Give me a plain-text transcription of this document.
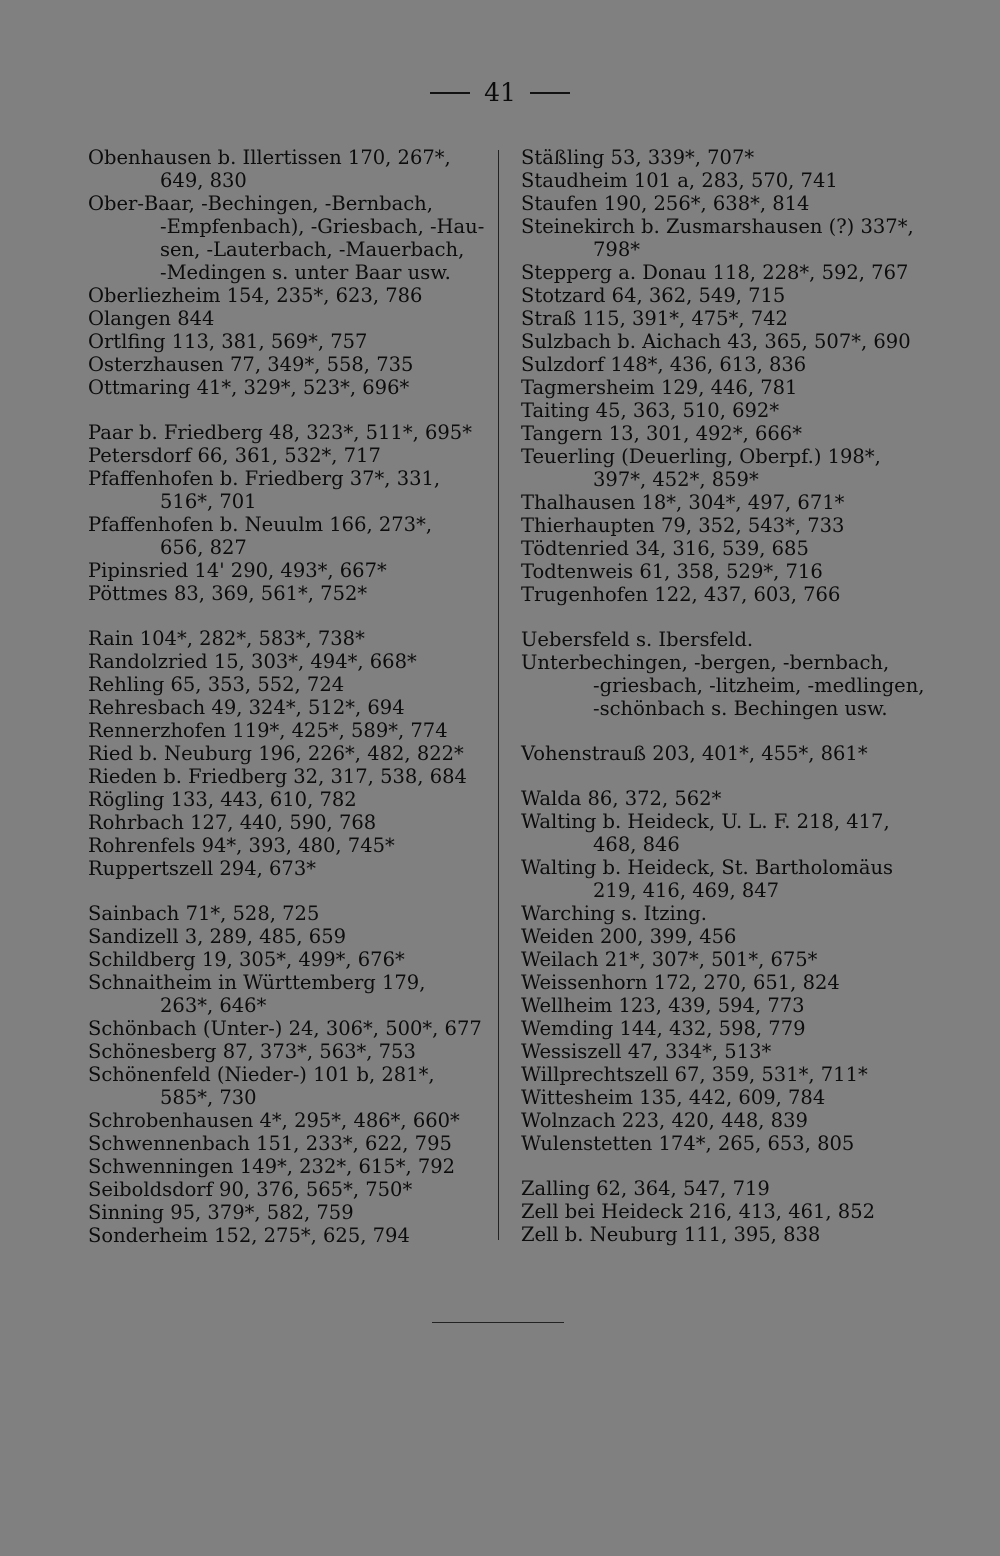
41
Obenhausen b. Illertissen 170, 267*,
649, 830
Ober-Baar, -Bechingen, -Bernbach,
-Empfenbach), -Griesbach, -Hau-
sen, -Lauterbach, -Mauerbach,
-Medingen s. unter Baar usw.
Oberliezheim 154, 235*, 623, 786
Olangen 844
Ortlfing 113, 381, 569*, 757
Osterzhausen 77, 349*, 558, 735
Ottmaring 41*, 329*, 523*, 696*
Paar b. Friedberg 48, 323*, 511*, 695*
Petersdorf 66, 361, 532*, 717
Pfaffenhofen b. Friedberg 37*, 331,
516*, 701
Pfaffenhofen b. Neuulm 166, 273*,
656, 827
Pipinsried 14' 290, 493*, 667*
Pöttmes 83, 369, 561*, 752*
Rain 104*, 282*, 583*, 738*
Randolzried 15, 303*, 494*, 668*
Rehling 65, 353, 552, 724
Rehresbach 49, 324*, 512*, 694
Rennerzhofen 119*, 425*, 589*, 774
Ried b. Neuburg 196, 226*, 482, 822*
Rieden b. Friedberg 32, 317, 538, 684
Rögling 133, 443, 610, 782
Rohrbach 127, 440, 590, 768
Rohrenfels 94*, 393, 480, 745*
Ruppertszell 294, 673*
Sainbach 71*, 528, 725
Sandizell 3, 289, 485, 659
Schildberg 19, 305*, 499*, 676*
Schnaitheim in Württemberg 179,
263*, 646*
Schönbach (Unter-) 24, 306*, 500*, 677
Schönesberg 87, 373*, 563*, 753
Schönenfeld (Nieder-) 101 b, 281*,
585*, 730
Schrobenhausen 4*, 295*, 486*, 660*
Schwennenbach 151, 233*, 622, 795
Schwenningen 149*, 232*, 615*, 792
Seiboldsdorf 90, 376, 565*, 750*
Sinning 95, 379*, 582, 759
Sonderheim 152, 275*, 625, 794
Stäßling 53, 339*, 707*
Staudheim 101 a, 283, 570, 741
Staufen 190, 256*, 638*, 814
Steinekirch b. Zusmarshausen (?) 337*,
798*
Stepperg a. Donau 118, 228*, 592, 767
Stotzard 64, 362, 549, 715
Straß 115, 391*, 475*, 742
Sulzbach b. Aichach 43, 365, 507*, 690
Sulzdorf 148*, 436, 613, 836
Tagmersheim 129, 446, 781
Taiting 45, 363, 510, 692*
Tangern 13, 301, 492*, 666*
Teuerling (Deuerling, Oberpf.) 198*,
397*, 452*, 859*
Thalhausen 18*, 304*, 497, 671*
Thierhaupten 79, 352, 543*, 733
Tödtenried 34, 316, 539, 685
Todtenweis 61, 358, 529*, 716
Trugenhofen 122, 437, 603, 766
Uebersfeld s. Ibersfeld.
Unterbechingen, -bergen, -bernbach,
-griesbach, -litzheim, -medlingen,
-schönbach s. Bechingen usw.
Vohenstrauß 203, 401*, 455*, 861*
Walda 86, 372, 562*
Walting b. Heideck, U. L. F. 218, 417,
468, 846
Walting b. Heideck, St. Bartholomäus
219, 416, 469, 847
Warching s. Itzing.
Weiden 200, 399, 456
Weilach 21*, 307*, 501*, 675*
Weissenhorn 172, 270, 651, 824
Wellheim 123, 439, 594, 773
Wemding 144, 432, 598, 779
Wessiszell 47, 334*, 513*
Willprechtszell 67, 359, 531*, 711*
Wittesheim 135, 442, 609, 784
Wolnzach 223, 420, 448, 839
Wulenstetten 174*, 265, 653, 805
Zalling 62, 364, 547, 719
Zell bei Heideck 216, 413, 461, 852
Zell b. Neuburg 111, 395, 838
